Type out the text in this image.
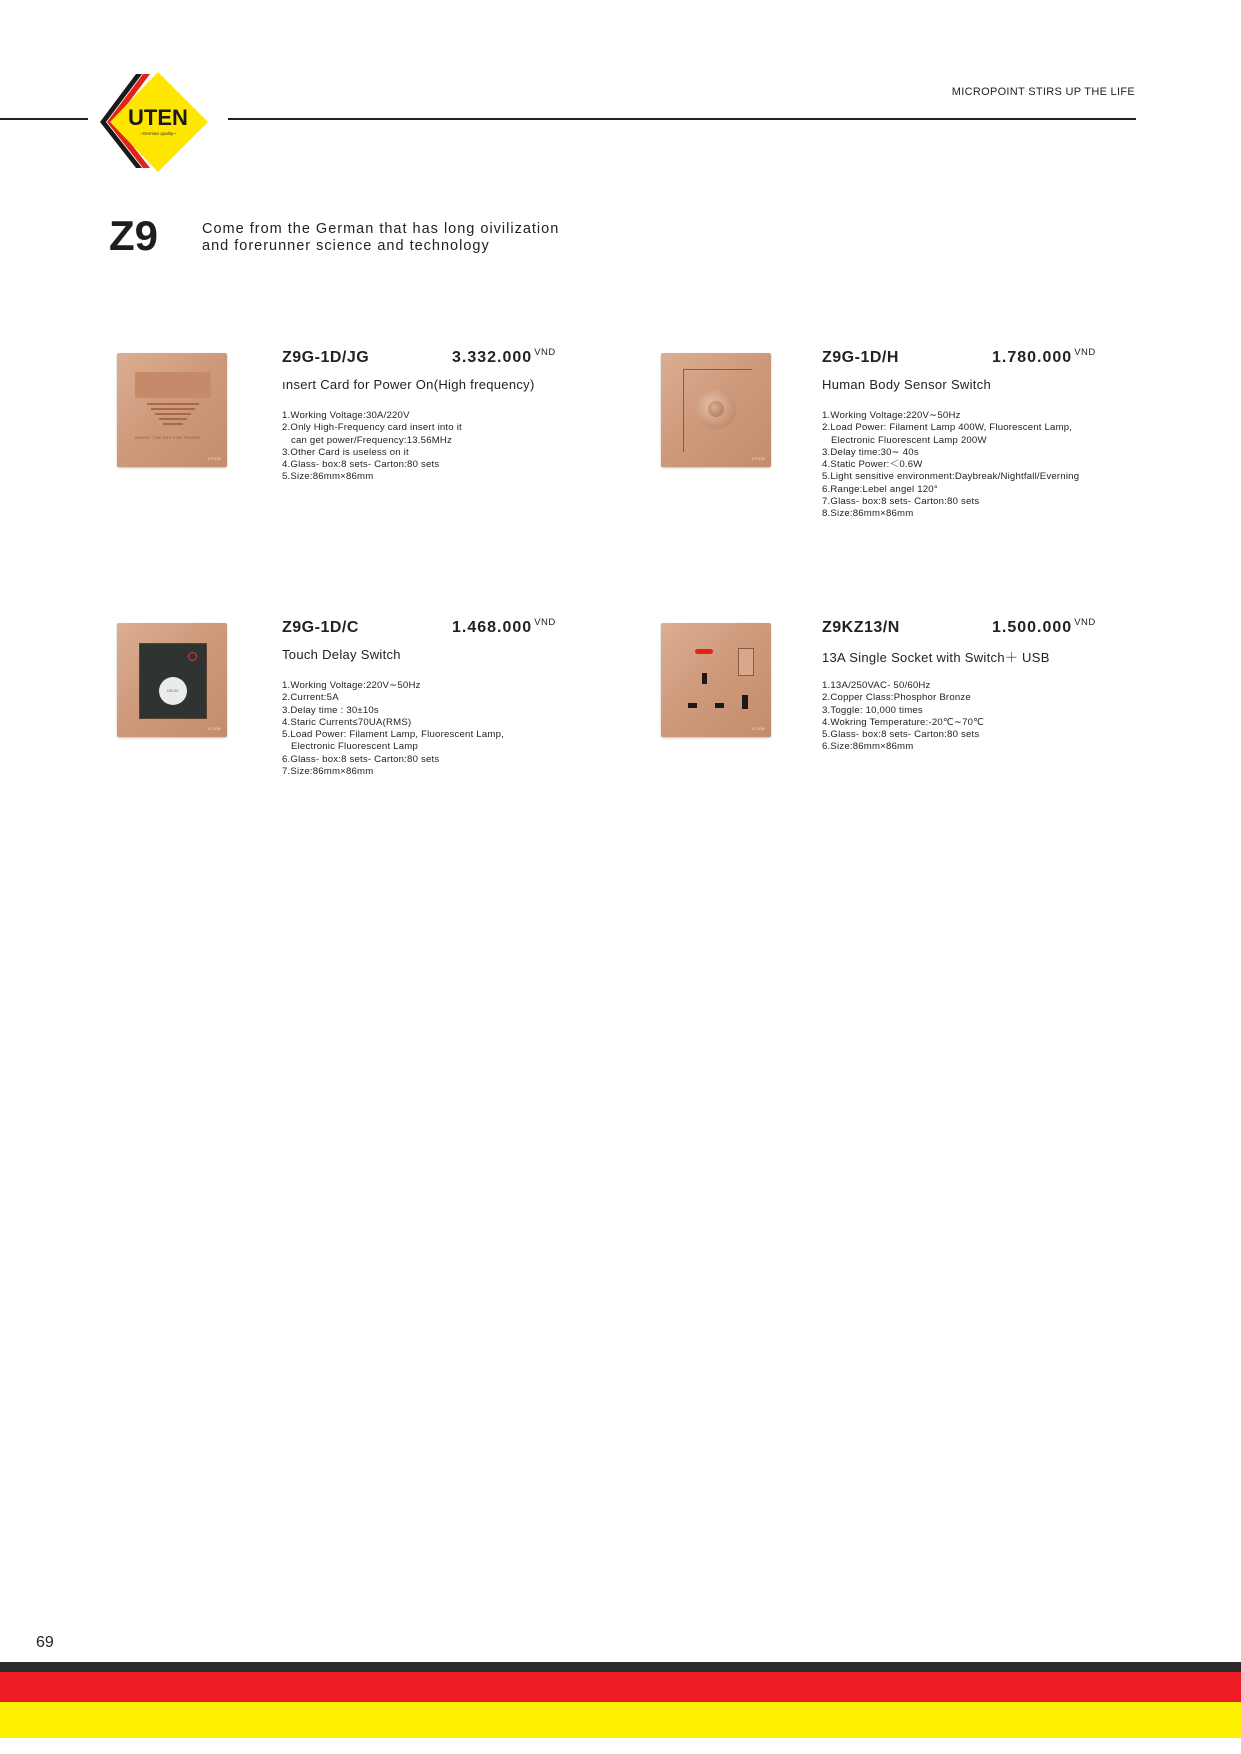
UTEN
~German quality~
MICROPOINT STIRS UP THE LIFE
Z9	Come from the German that has long oivilization
and forerunner science and technology
INSERT THE KEY FOR POWER
UTEN
Z9G-1D/JG	3.332.000 $^{VND}$
ınsert Card for Power On(High frequency)
1.Working Voltage:30A/220V
2.Only High-Frequency card insert into it
can get power/Frequency:13.56MHz
3.Other Card is useless on it
4.Glass- box:8 sets- Carton:80 sets
5.Size:86mm×86mm
UTEN
Z9G-1D/H	1.780.000 $^{VND}$
Human Body Sensor Switch
1.Working Voltage:220V∼50Hz
2.Load Power: Filament Lamp 400W, Fluorescent Lamp,
Electronic Fluorescent Lamp 200W
3.Delay time:30∼ 40s
4.Static Power:＜0.6W
5.Light sensitive environment:Daybreak/Nightfall/Everning
6.Range:Lebel angel 120°
7.Glass- box:8 sets- Carton:80 sets
8.Size:86mm×86mm
DELAY
UTEN
Z9G-1D/C	1.468.000 $^{VND}$
Touch Delay Switch
1.Working Voltage:220V∼50Hz
2.Current:5A
3.Delay time : 30±10s
4.Staric Current≤70UA(RMS)
5.Load Power: Filament Lamp, Fluorescent Lamp,
Electronic Fluorescent Lamp
6.Glass- box:8 sets- Carton:80 sets
7.Size:86mm×86mm
UTEN
Z9KZ13/N	1.500.000 $^{VND}$
13A Single Socket with Switch＋ USB
1.13A/250VAC- 50/60Hz
2.Copper Class:Phosphor Bronze
3.Toggle: 10,000 times
4.Wokring Temperature:-20℃∼70℃
5.Glass- box:8 sets- Carton:80 sets
6.Size:86mm×86mm
69
